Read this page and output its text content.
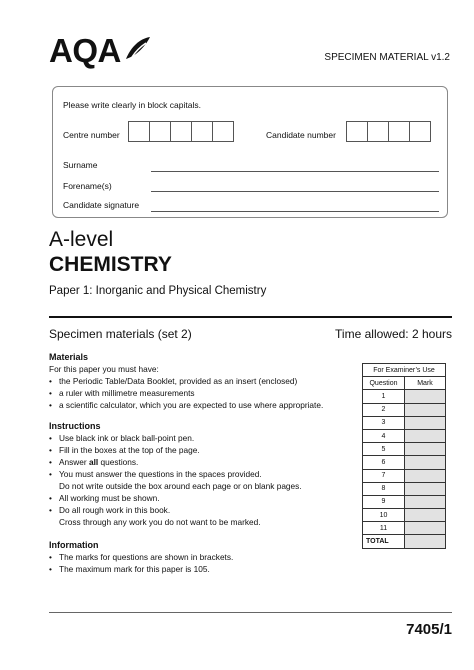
AQA	SPECIMEN MATERIAL v1.2
Please write clearly in block capitals.
Centre number	Candidate number
Surname
Forename(s)
Candidate signature
A-level
CHEMISTRY
Paper 1: Inorganic and Physical Chemistry
Specimen materials (set 2)	Time allowed: 2 hours
Materials
For this paper you must have:
• the Periodic Table/Data Booklet, provided as an insert (enclosed)
• a ruler with millimetre measurements
• a scientific calculator, which you are expected to use where appropriate.
Instructions
• Use black ink or black ball-point pen.
• Fill in the boxes at the top of the page.
• Answer all questions.
• You must answer the questions in the spaces provided.
Do not write outside the box around each page or on blank pages.
• All working must be shown.
• Do all rough work in this book.
Cross through any work you do not want to be marked.
Information
• The marks for questions are shown in brackets.
• The maximum mark for this paper is 105.
For Examiner’s Use	
Question	Mark
1	
2	
3	
4	
5	
6	
7	
8	
9	
10	
11	
TOTAL	
7405/1
